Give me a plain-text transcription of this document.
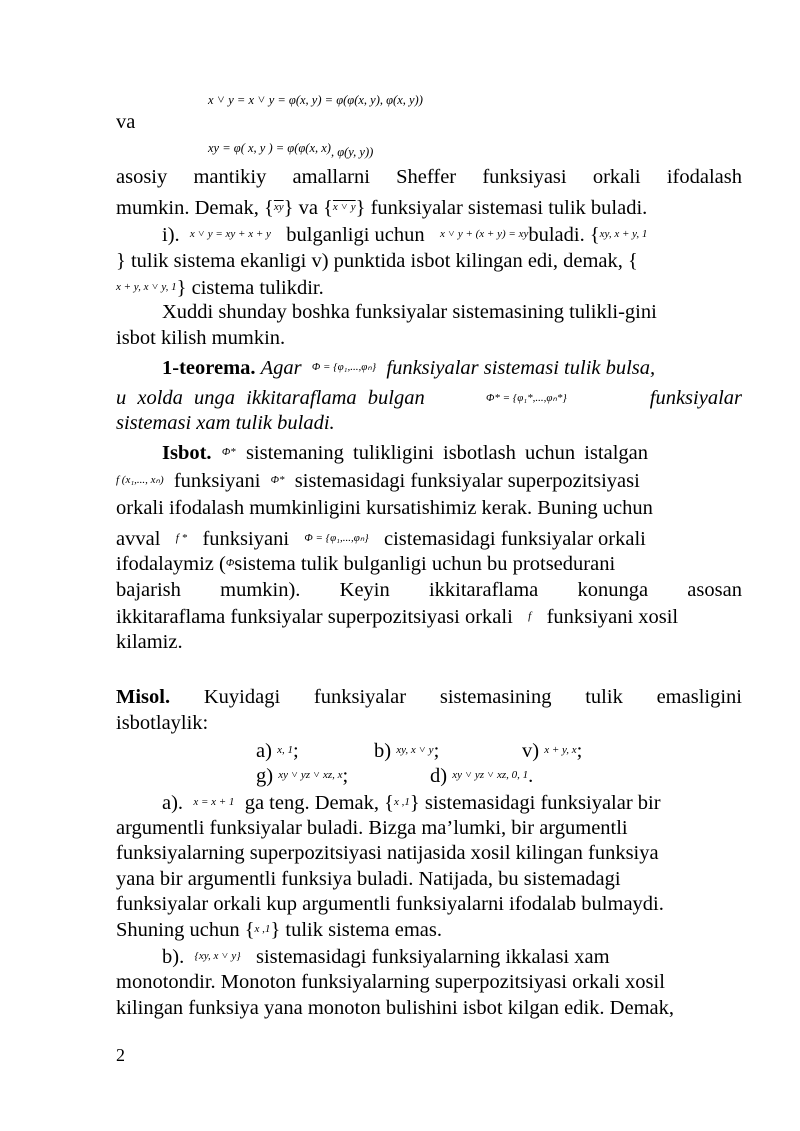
x ˅ y = x ˅ y = φ(x, y) = φ(φ(x, y), φ(x, y))
va
xy = φ( x, y ) = φ(φ(x, x), φ(y, y))
asosiy mantikiy amallarni Sheffer funksiyasi orkali ifodalash
mumkin. Demak, $\{\overline{xy}\}$ va {x ˅ y} funksiyalar sistemasi tulik buladi.
i). x ˅ y = xy + x + y bulganligi uchun x ˅ y + (x + y) = xybuladi. {xy, x + y, 1
} tulik sistema ekanligi v) punktida isbot kilingan edi, demak, {
x + y, x ˅ y, 1} cistema tulikdir.
Xuddi shunday boshka funksiyalar sistemasining tulikli-gini
isbot kilish mumkin.
1-teorema. Agar Φ = {φ₁,...,φₙ} funksiyalar sistemasi tulik bulsa,
u xolda unga ikkitaraflama bulgan	Φ* = {φ₁*,...,φₙ*}	funksiyalar
sistemasi xam tulik buladi.
Isbot. Φ* sistemaning tulikligini isbotlash uchun istalgan
f (x₁,..., xₙ) funksiyani Φ* sistemasidagi funksiyalar superpozitsiyasi
orkali ifodalash mumkinligini kursatishimiz kerak. Buning uchun
avval f * funksiyani Φ = {φ₁,...,φₙ} cistemasidagi funksiyalar orkali
ifodalaymiz (Φsistema tulik bulganligi uchun bu protsedurani
bajarish mumkin). Keyin ikkitaraflama konunga asosan
ikkitaraflama funksiyalar superpozitsiyasi orkali f funksiyani xosil
kilamiz.
Misol. Kuyidagi funksiyalar sistemasining tulik emasligini
isbotlaylik:
a) x, 1;	b) xy, x ˅ y;	v) x + y, x;
g) xy ˅ yz ˅ xz, x;	d) xy ˅ yz ˅ xz, 0, 1.
a). x = x + 1 ga teng. Demak, {x ,1} sistemasidagi funksiyalar bir
argumentli funksiyalar buladi. Bizga ma’lumki, bir argumentli
funksiyalarning superpozitsiyasi natijasida xosil kilingan funksiya
yana bir argumentli funksiya buladi. Natijada, bu sistemadagi
funksiyalar orkali kup argumentli funksiyalarni ifodalab bulmaydi.
Shuning uchun {x ,1} tulik sistema emas.
b). {xy, x ˅ y} sistemasidagi funksiyalarning ikkalasi xam
monotondir. Monoton funksiyalarning superpozitsiyasi orkali xosil
kilingan funksiya yana monoton bulishini isbot kilgan edik. Demak,
2
